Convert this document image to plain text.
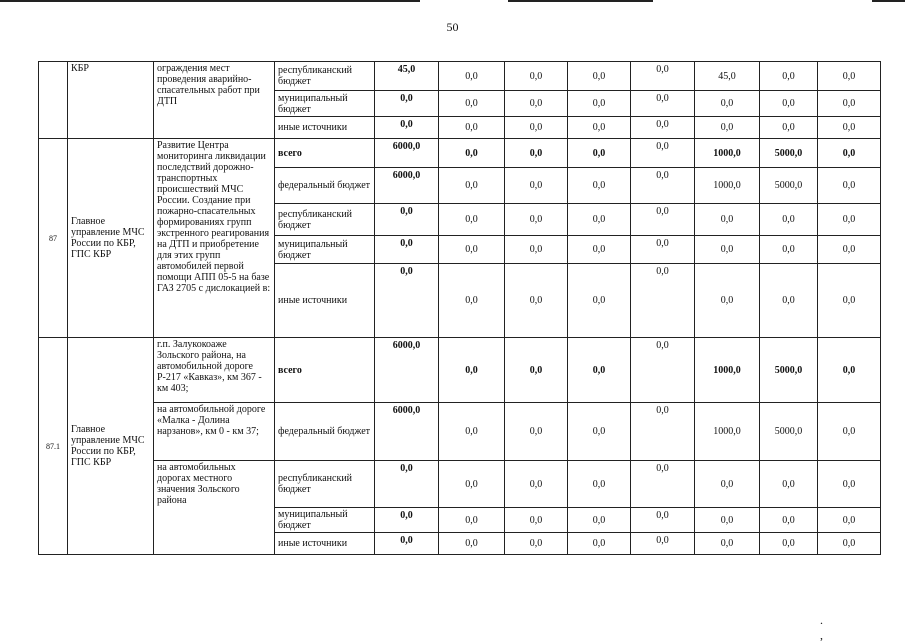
50
	КБР	ограждения мест проведения аварийно-спасательных работ при ДТП	республиканский бюджет	45,0	0,0	0,0	0,0	0,0	45,0	0,0	0,0
			муниципальный бюджет	0,0	0,0	0,0	0,0	0,0	0,0	0,0	0,0
			иные источники	0,0	0,0	0,0	0,0	0,0	0,0	0,0	0,0
87	Главное управление МЧС России по КБР, ГПС КБР	Развитие Центра мониторинга ликвидации последствий дорожно-транспортных происшествий МЧС России. Создание при пожарно-спасательных формированиях групп экстренного реагирования на ДТП и приобретение для этих групп автомобилей первой помощи АПП 05-5 на базе ГАЗ 2705 с дислокацией в:	всего	6000,0	0,0	0,0	0,0	0,0	1000,0	5000,0	0,0
			федеральный бюджет	6000,0	0,0	0,0	0,0	0,0	1000,0	5000,0	0,0
			республиканский бюджет	0,0	0,0	0,0	0,0	0,0	0,0	0,0	0,0
			муниципальный бюджет	0,0	0,0	0,0	0,0	0,0	0,0	0,0	0,0
			иные источники	0,0	0,0	0,0	0,0	0,0	0,0	0,0	0,0
87.1	Главное управление МЧС России по КБР, ГПС КБР	г.п. Залукокоаже Зольского района, на автомобильной дороге Р-217 «Кавказ», км 367 - км 403;	всего	6000,0	0,0	0,0	0,0	0,0	1000,0	5000,0	0,0
		на автомобильной дороге «Малка - Долина нарзанов», км 0 - км 37;	федеральный бюджет	6000,0	0,0	0,0	0,0	0,0	1000,0	5000,0	0,0
		на автомобильных дорогах местного значения Зольского района	республиканский бюджет	0,0	0,0	0,0	0,0	0,0	0,0	0,0	0,0
			муниципальный бюджет	0,0	0,0	0,0	0,0	0,0	0,0	0,0	0,0
			иные источники	0,0	0,0	0,0	0,0	0,0	0,0	0,0	0,0
. ,
